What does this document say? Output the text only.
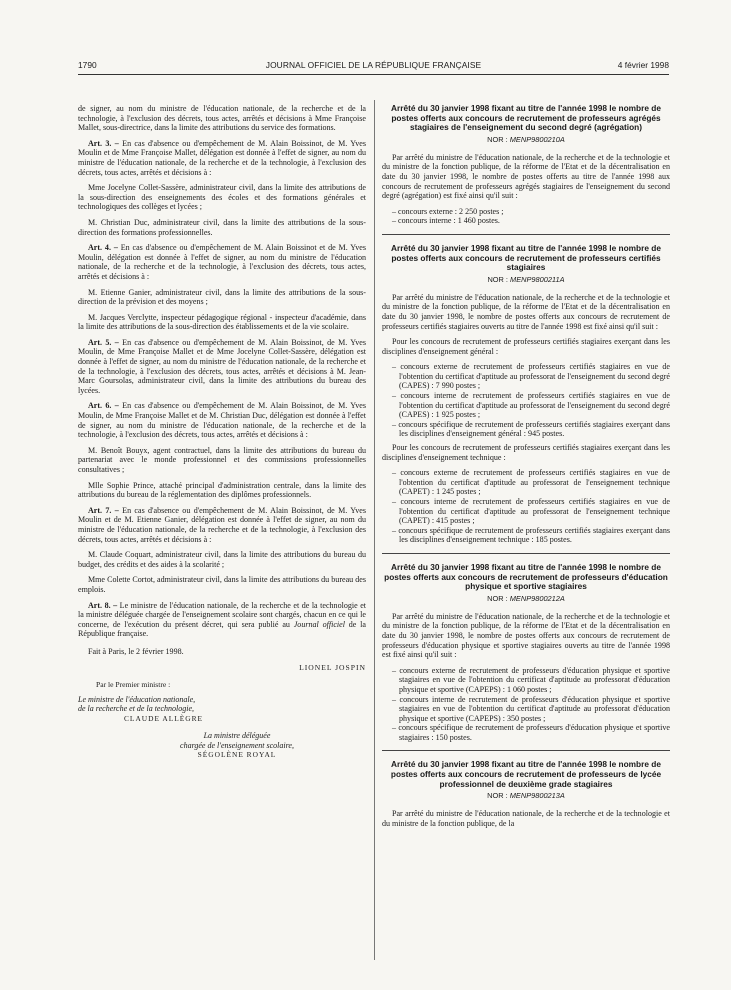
1790	JOURNAL OFFICIEL DE LA RÉPUBLIQUE FRANÇAISE	4 février 1998

de signer, au nom du ministre de l'éducation nationale, de la recherche et de la technologie, à l'exclusion des décrets, tous actes, arrêtés et décisions à Mme Françoise Mallet, sous-directrice, dans la limite des attributions du service des formations.

Art. 3. – En cas d'absence ou d'empêchement de M. Alain Boissinot, de M. Yves Moulin et de Mme Françoise Mallet, délégation est donnée à l'effet de signer, au nom du ministre de l'éducation nationale, de la recherche et de la technologie, à l'exclusion des décrets, tous actes, arrêtés et décisions à :

Mme Jocelyne Collet-Sassère, administrateur civil, dans la limite des attributions de la sous-direction des enseignements des écoles et des formations générales et technologiques des collèges et lycées ;

M. Christian Duc, administrateur civil, dans la limite des attributions de la sous-direction des formations professionnelles.

Art. 4. – En cas d'absence ou d'empêchement de M. Alain Boissinot et de M. Yves Moulin, délégation est donnée à l'effet de signer, au nom du ministre de l'éducation nationale, de la recherche et de la technologie, à l'exclusion des décrets, tous actes, arrêtés et décisions à :

M. Etienne Ganier, administrateur civil, dans la limite des attributions de la sous-direction de la prévision et des moyens ;

M. Jacques Verclytte, inspecteur pédagogique régional - inspecteur d'académie, dans la limite des attributions de la sous-direction des établissements et de la vie scolaire.

Art. 5. – En cas d'absence ou d'empêchement de M. Alain Boissinot, de M. Yves Moulin, de Mme Françoise Mallet et de Mme Jocelyne Collet-Sassère, délégation est donnée à l'effet de signer, au nom du ministre de l'éducation nationale, de la recherche et de la technologie, à l'exclusion des décrets, tous actes, arrêtés et décisions à M. Jean-Marc Goursolas, administrateur civil, dans la limite des attributions du bureau des lycées.

Art. 6. – En cas d'absence ou d'empêchement de M. Alain Boissinot, de M. Yves Moulin, de Mme Françoise Mallet et de M. Christian Duc, délégation est donnée à l'effet de signer, au nom du ministre de l'éducation nationale, de la recherche et de la technologie, à l'exclusion des décrets, tous actes, arrêtés et décisions à :

M. Benoît Bouyx, agent contractuel, dans la limite des attributions du bureau du partenariat avec le monde professionnel et des commissions professionnelles consultatives ;

Mlle Sophie Prince, attaché principal d'administration centrale, dans la limite des attributions du bureau de la réglementation des diplômes professionnels.

Art. 7. – En cas d'absence ou d'empêchement de M. Alain Boissinot, de M. Yves Moulin et de M. Etienne Ganier, délégation est donnée à l'effet de signer, au nom du ministre de l'éducation nationale, de la recherche et de la technologie, à l'exclusion des décrets, tous actes, arrêtés et décisions à :

M. Claude Coquart, administrateur civil, dans la limite des attributions du bureau du budget, des crédits et des aides à la scolarité ;

Mme Colette Cortot, administrateur civil, dans la limite des attributions du bureau des emplois.

Art. 8. – Le ministre de l'éducation nationale, de la recherche et de la technologie et la ministre déléguée chargée de l'enseignement scolaire sont chargés, chacun en ce qui le concerne, de l'exécution du présent décret, qui sera publié au Journal officiel de la République française.

Fait à Paris, le 2 février 1998.

LIONEL JOSPIN
Par le Premier ministre :
Le ministre de l'éducation nationale,
de la recherche et de la technologie,
CLAUDE ALLÈGRE
La ministre déléguée
chargée de l'enseignement scolaire,
SÉGOLÈNE ROYAL
Arrêté du 30 janvier 1998 fixant au titre de l'année 1998 le nombre de postes offerts aux concours de recrutement de professeurs agrégés stagiaires de l'enseignement du second degré (agrégation)
NOR : MENP9800210A

Par arrêté du ministre de l'éducation nationale, de la recherche et de la technologie et du ministre de la fonction publique, de la réforme de l'Etat et de la décentralisation en date du 30 janvier 1998, le nombre de postes offerts au titre de l'année 1998 aux concours de recrutement de professeurs agrégés stagiaires de l'enseignement du second degré (agrégation) est fixé ainsi qu'il suit :

– concours externe : 2 250 postes ;
– concours interne : 1 460 postes.
Arrêté du 30 janvier 1998 fixant au titre de l'année 1998 le nombre de postes offerts aux concours de recrutement de professeurs certifiés stagiaires
NOR : MENP9800211A

Par arrêté du ministre de l'éducation nationale, de la recherche et de la technologie et du ministre de la fonction publique, de la réforme de l'Etat et de la décentralisation en date du 30 janvier 1998, le nombre de postes offerts aux concours de recrutement de professeurs certifiés stagiaires ouverts au titre de l'année 1998 est fixé ainsi qu'il suit :

Pour les concours de recrutement de professeurs certifiés stagiaires exerçant dans les disciplines d'enseignement général :

– concours externe de recrutement de professeurs certifiés stagiaires en vue de l'obtention du certificat d'aptitude au professorat de l'enseignement du second degré (CAPES) : 7 990 postes ;
– concours interne de recrutement de professeurs certifiés stagiaires en vue de l'obtention du certificat d'aptitude au professorat de l'enseignement du second degré (CAPES) : 1 925 postes ;
– concours spécifique de recrutement de professeurs certifiés stagiaires exerçant dans les disciplines d'enseignement général : 945 postes.

Pour les concours de recrutement de professeurs certifiés stagiaires exerçant dans les disciplines d'enseignement technique :

– concours externe de recrutement de professeurs certifiés stagiaires en vue de l'obtention du certificat d'aptitude au professorat de l'enseignement technique (CAPET) : 1 245 postes ;
– concours interne de recrutement de professeurs certifiés stagiaires en vue de l'obtention du certificat d'aptitude au professorat de l'enseignement technique (CAPET) : 415 postes ;
– concours spécifique de recrutement de professeurs certifiés stagiaires exerçant dans les disciplines d'enseignement technique : 185 postes.
Arrêté du 30 janvier 1998 fixant au titre de l'année 1998 le nombre de postes offerts aux concours de recrutement de professeurs d'éducation physique et sportive stagiaires
NOR : MENP9800212A

Par arrêté du ministre de l'éducation nationale, de la recherche et de la technologie et du ministre de la fonction publique, de la réforme de l'Etat et de la décentralisation en date du 30 janvier 1998, le nombre de postes offerts aux concours de recrutement de professeurs d'éducation physique et sportive stagiaires ouverts au titre de l'année 1998 est fixé ainsi qu'il suit :

– concours externe de recrutement de professeurs d'éducation physique et sportive stagiaires en vue de l'obtention du certificat d'aptitude au professorat d'éducation physique et sportive (CAPEPS) : 1 060 postes ;
– concours interne de recrutement de professeurs d'éducation physique et sportive stagiaires en vue de l'obtention du certificat d'aptitude au professorat d'éducation physique et sportive (CAPEPS) : 350 postes ;
– concours spécifique de recrutement de professeurs d'éducation physique et sportive stagiaires : 150 postes.
Arrêté du 30 janvier 1998 fixant au titre de l'année 1998 le nombre de postes offerts aux concours de recrutement de professeurs de lycée professionnel de deuxième grade stagiaires
NOR : MENP9800213A

Par arrêté du ministre de l'éducation nationale, de la recherche et de la technologie et du ministre de la fonction publique, de la
